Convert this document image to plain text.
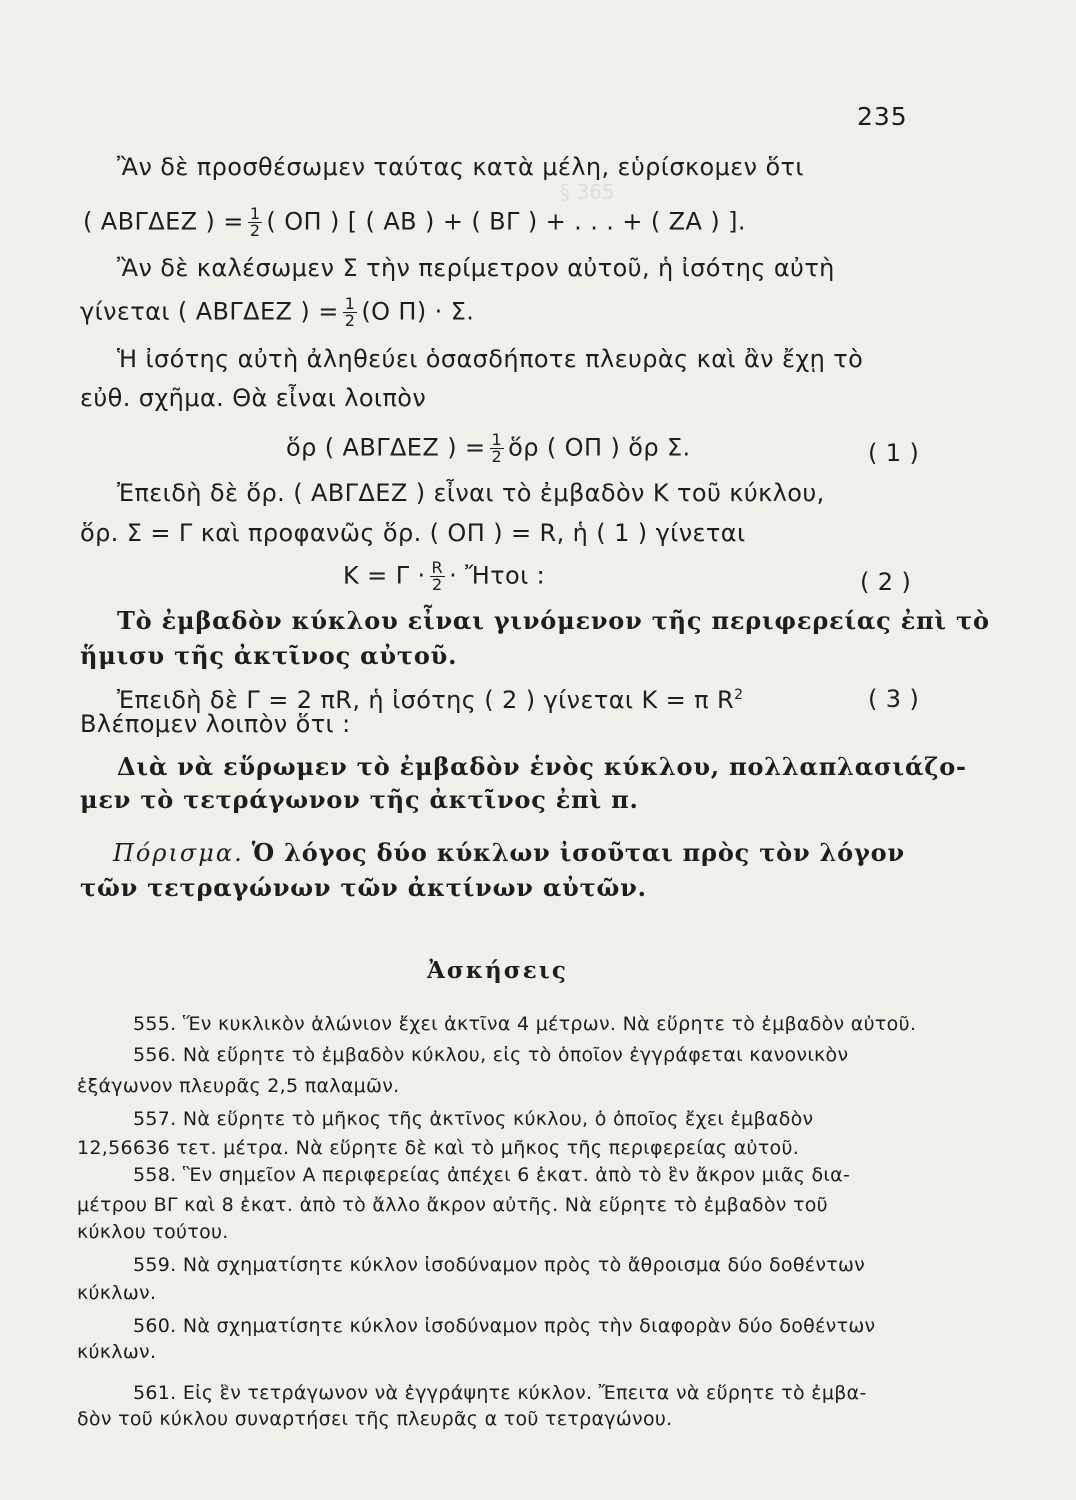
§ 365
235
Ἂν δὲ προσθέσωμεν ταύτας κατὰ μέλη, εὑρίσκομεν ὅτι
( ΑΒΓΔΕΖ ) = $\frac{1}{2}$ ( ΟΠ ) [ ( ΑΒ ) + ( ΒΓ ) + . . . + ( ΖΑ ) ].
Ἂν δὲ καλέσωμεν Σ τὴν περίμετρον αὐτοῦ, ἡ ἰσότης αὐτὴ
γίνεται ( ΑΒΓΔΕΖ ) = $\frac{1}{2} (O$ Π) · Σ.
Ἡ ἰσότης αὐτὴ ἀληθεύει ὁσασδήποτε πλευρὰς καὶ ἂν ἔχῃ τὸ
εὐθ. σχῆμα. Θὰ εἶναι λοιπὸν
ὅρ ( ΑΒΓΔΕΖ ) = $\frac{1}{2}$ ὅρ ( ΟΠ ) ὅρ Σ.	( 1 )
Ἐπειδὴ δὲ ὅρ. ( ΑΒΓΔΕΖ ) εἶναι τὸ ἐμβαδὸν Κ τοῦ κύκλου,
ὅρ. Σ = Γ καὶ προφανῶς ὅρ. ( ΟΠ ) = R, ἡ ( 1 ) γίνεται
$K = \Gamma \cdot \frac{R}{2}$ · Ἤτοι :	( 2 )
Τὸ ἐμβαδὸν κύκλου εἶναι γινόμενον τῆς περιφερείας ἐπὶ τὸ
ἥμισυ τῆς ἀκτῖνος αὐτοῦ.
Ἐπειδὴ δὲ Γ = 2 πR, ἡ ἰσότης ( 2 ) γίνεται Κ = π $R^2$	( 3 )
Βλέπομεν λοιπὸν ὅτι :
Διὰ νὰ εὕρωμεν τὸ ἐμβαδὸν ἑνὸς κύκλου, πολλαπλασιάζο-
μεν τὸ τετράγωνον τῆς ἀκτῖνος ἐπὶ π.
Πόρισμα. Ὁ λόγος δύο κύκλων ἰσοῦται πρὸς τὸν λόγον
τῶν τετραγώνων τῶν ἀκτίνων αὐτῶν.
Ἀσκήσεις
555. Ἕν κυκλικὸν ἁλώνιον ἔχει ἀκτῖνα 4 μέτρων. Νὰ εὕρητε τὸ ἐμβαδὸν αὐτοῦ.
556. Νὰ εὕρητε τὸ ἐμβαδὸν κύκλου, εἰς τὸ ὁποῖον ἐγγράφεται κανονικὸν
ἑξάγωνον πλευρᾶς 2,5 παλαμῶν.
557. Νὰ εὕρητε τὸ μῆκος τῆς ἀκτῖνος κύκλου, ὁ ὁποῖος ἔχει ἐμβαδὸν
12,56636 τετ. μέτρα. Νὰ εὕρητε δὲ καὶ τὸ μῆκος τῆς περιφερείας αὐτοῦ.
558. Ἓν σημεῖον Α περιφερείας ἀπέχει 6 ἑκατ. ἀπὸ τὸ ἓν ἄκρον μιᾶς δια-
μέτρου ΒΓ καὶ 8 ἑκατ. ἀπὸ τὸ ἄλλο ἄκρον αὐτῆς. Νὰ εὕρητε τὸ ἐμβαδὸν τοῦ
κύκλου τούτου.
559. Νὰ σχηματίσητε κύκλον ἰσοδύναμον πρὸς τὸ ἄθροισμα δύο δοθέντων
κύκλων.
560. Νὰ σχηματίσητε κύκλον ἰσοδύναμον πρὸς τὴν διαφορὰν δύο δοθέντων
κύκλων.
561. Εἰς ἓν τετράγωνον νὰ ἐγγράψητε κύκλον. Ἔπειτα νὰ εὕρητε τὸ ἐμβα-
δὸν τοῦ κύκλου συναρτήσει τῆς πλευρᾶς α τοῦ τετραγώνου.
